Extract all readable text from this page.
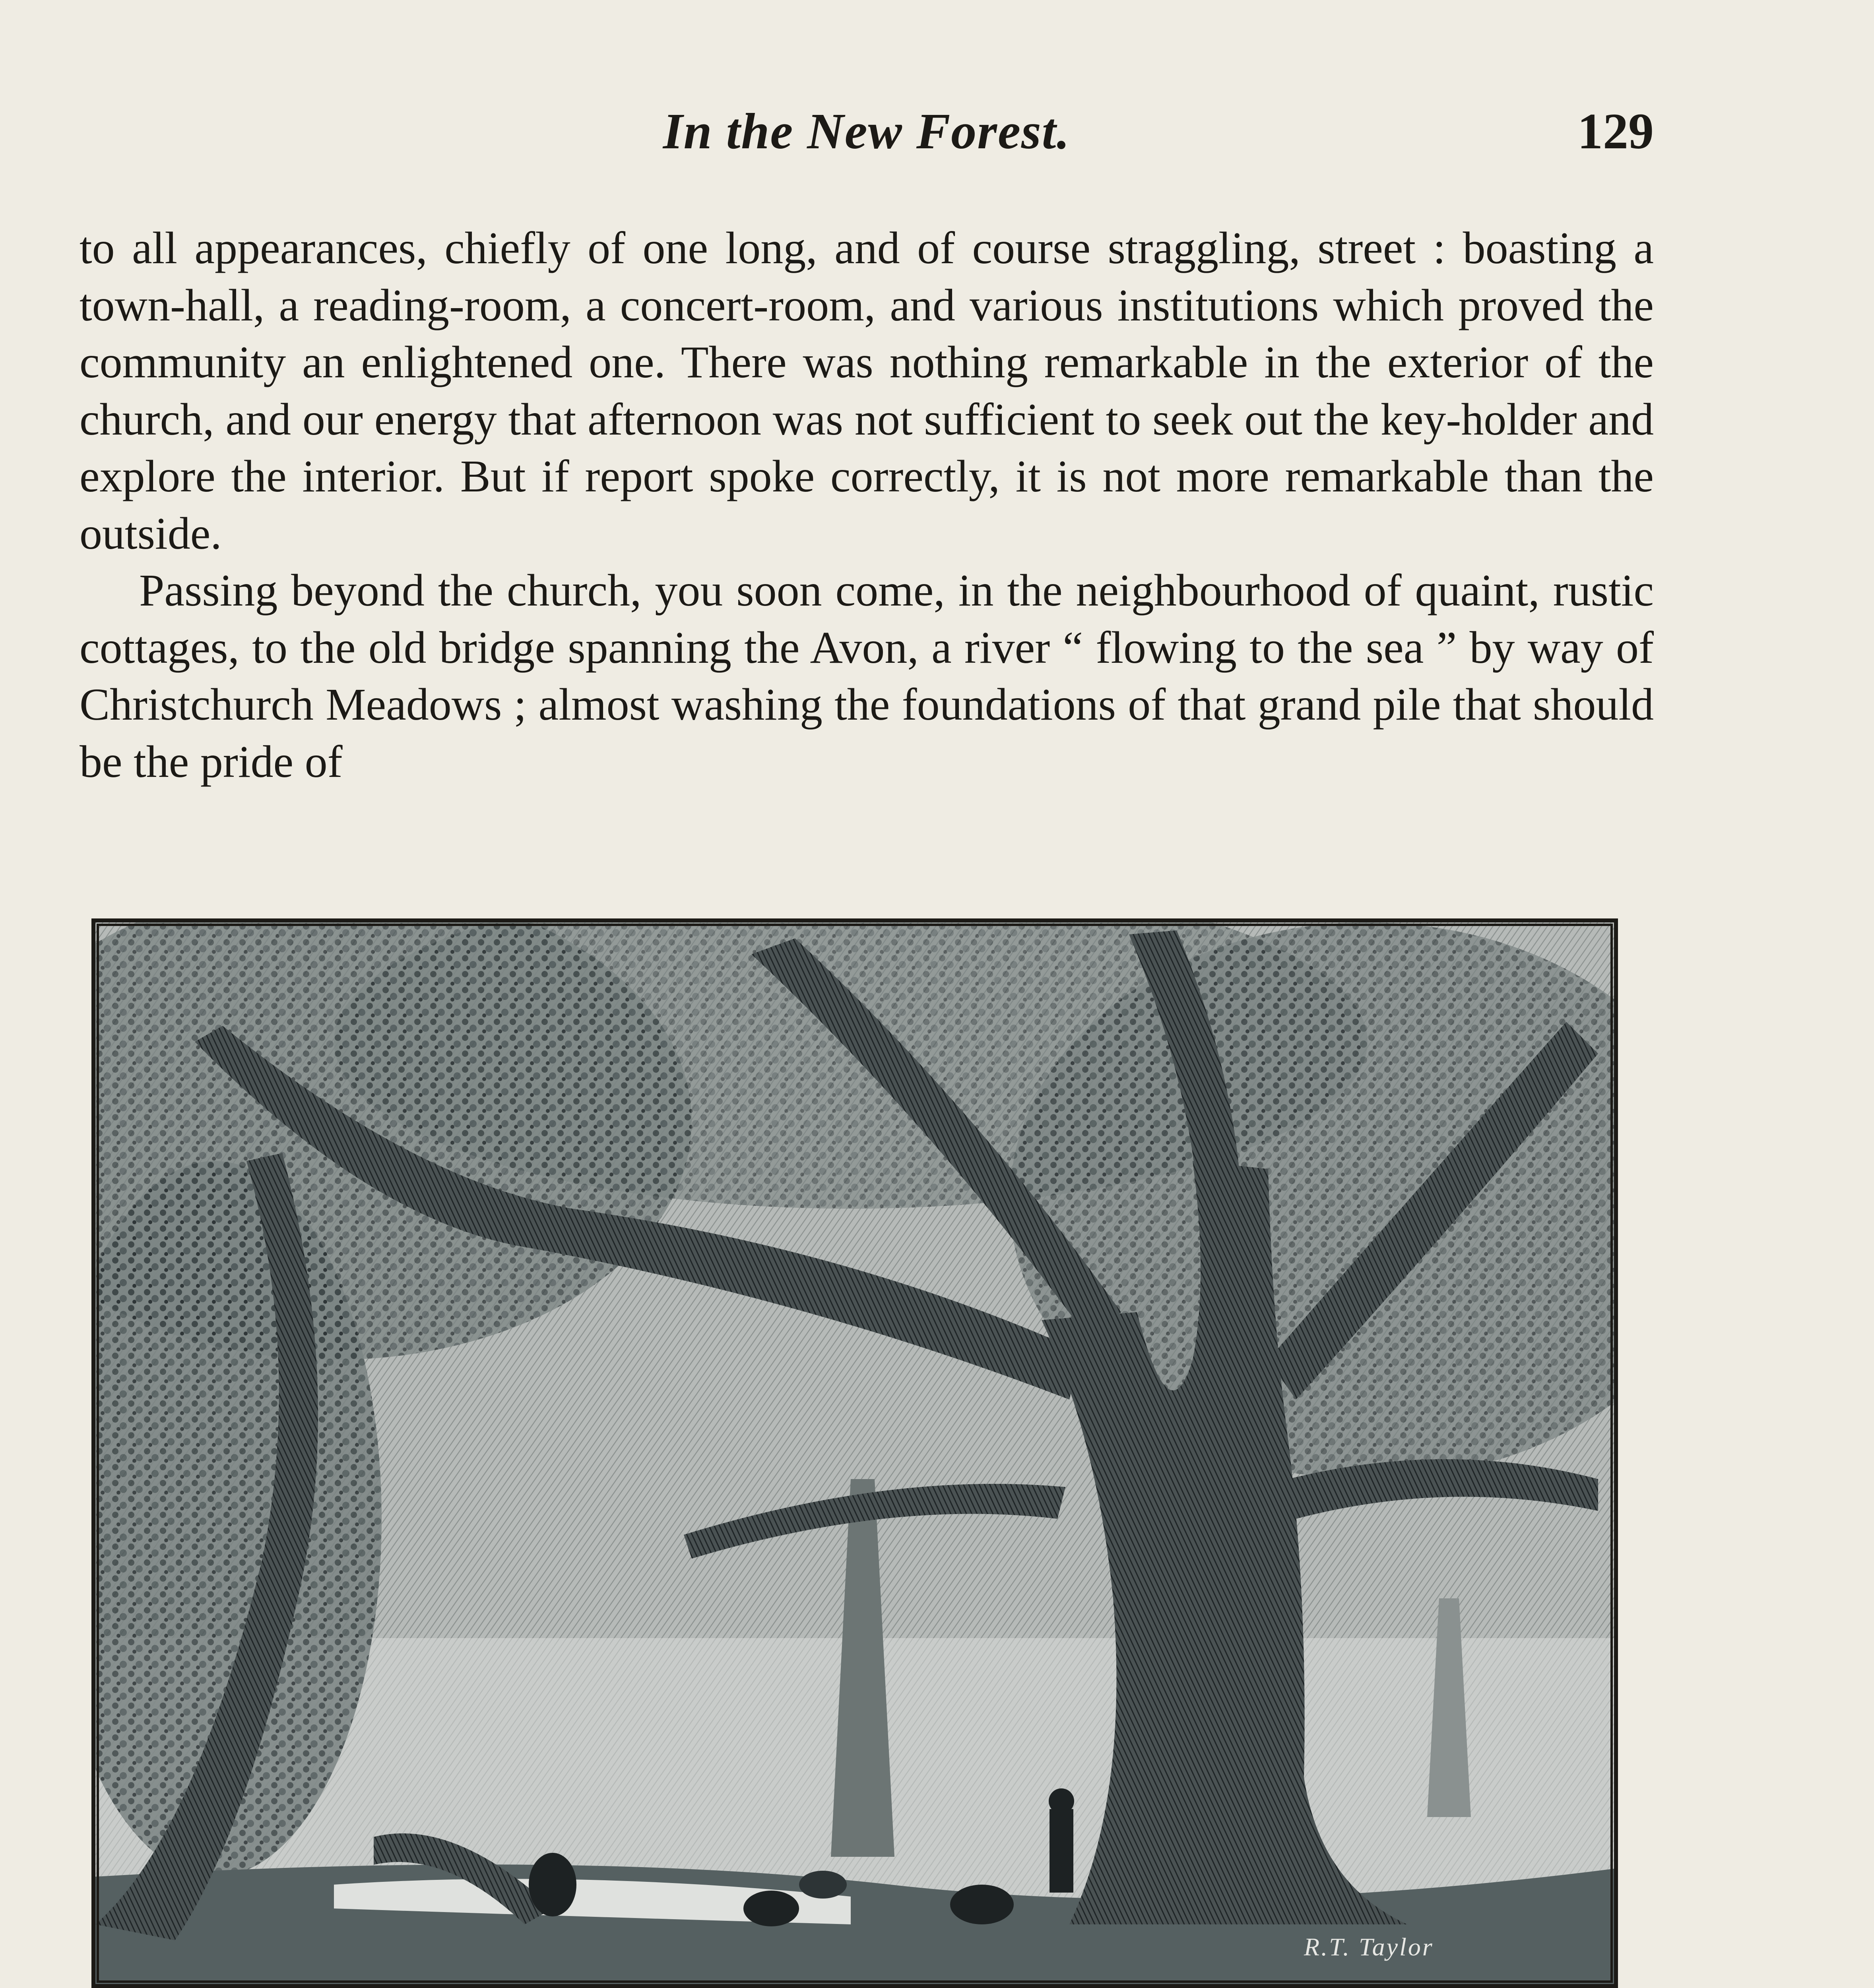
In the New Forest.	129

to all appearances, chiefly of one long, and of course straggling, street : boasting a town-hall, a reading-room, a concert-room, and various institutions which proved the community an enlightened one. There was nothing remarkable in the exterior of the church, and our energy that afternoon was not sufficient to seek out the key-holder and explore the interior. But if report spoke correctly, it is not more remarkable than the outside.

Passing beyond the church, you soon come, in the neighbourhood of quaint, rustic cottages, to the old bridge spanning the Avon, a river “ flowing to the sea ” by way of Christchurch Meadows ; almost washing the foundations of that grand pile that should be the pride of

R.T. Taylor
